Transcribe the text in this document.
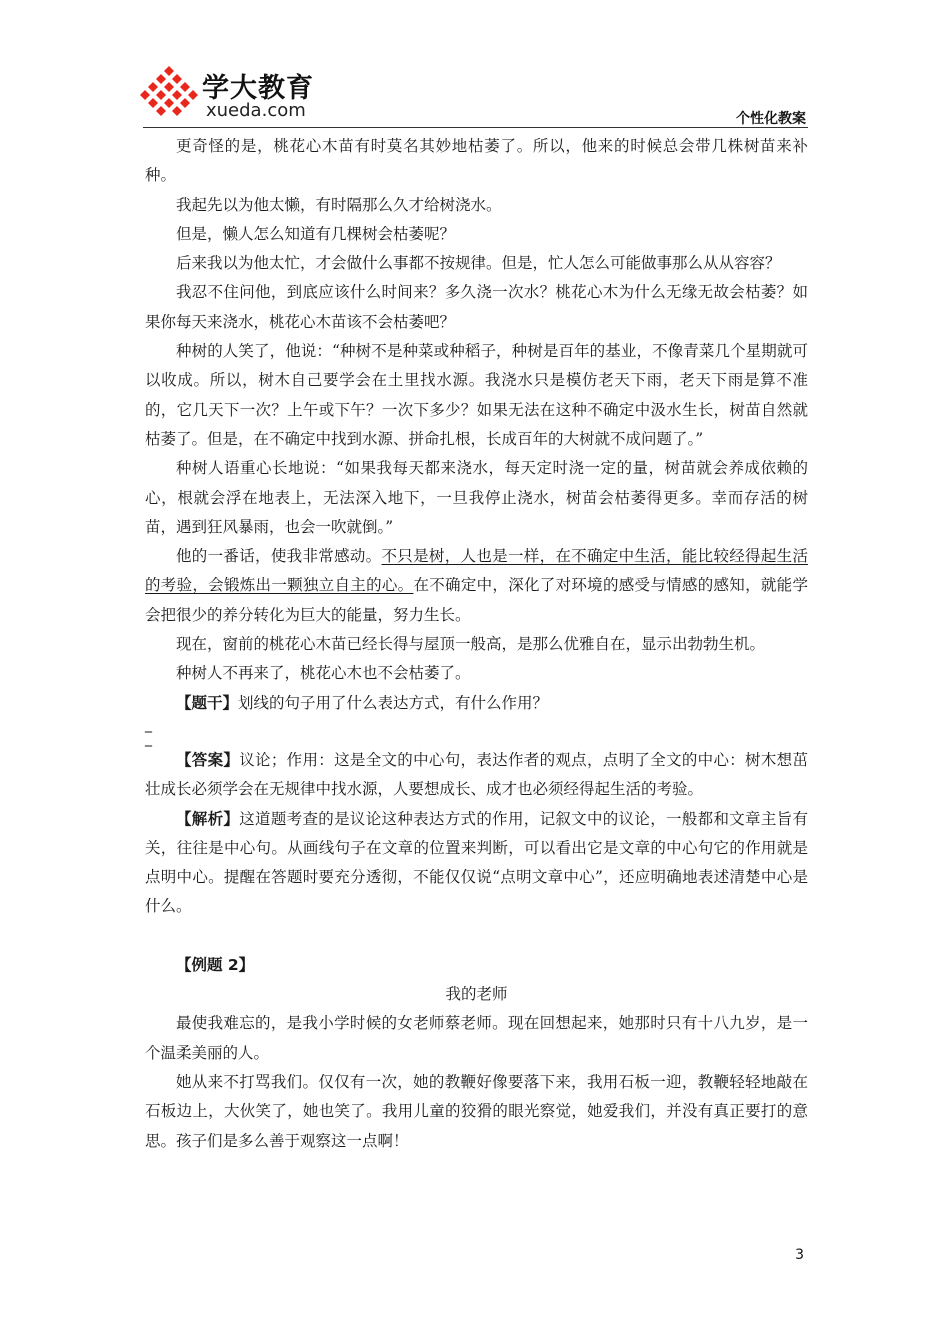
学大教育
xueda.com	个性化教案

更奇怪的是，桃花心木苗有时莫名其妙地枯萎了。所以，他来的时候总会带几株树苗来补种。

我起先以为他太懒，有时隔那么久才给树浇水。

但是，懒人怎么知道有几棵树会枯萎呢？

后来我以为他太忙，才会做什么事都不按规律。但是，忙人怎么可能做事那么从从容容？

我忍不住问他，到底应该什么时间来？多久浇一次水？桃花心木为什么无缘无故会枯萎？如果你每天来浇水，桃花心木苗该不会枯萎吧？

种树的人笑了，他说：“种树不是种菜或种稻子，种树是百年的基业，不像青菜几个星期就可以收成。所以，树木自己要学会在土里找水源。我浇水只是模仿老天下雨，老天下雨是算不准的，它几天下一次？上午或下午？一次下多少？如果无法在这种不确定中汲水生长，树苗自然就枯萎了。但是，在不确定中找到水源、拼命扎根，长成百年的大树就不成问题了。”

种树人语重心长地说：“如果我每天都来浇水，每天定时浇一定的量，树苗就会养成依赖的心，根就会浮在地表上，无法深入地下，一旦我停止浇水，树苗会枯萎得更多。幸而存活的树苗，遇到狂风暴雨，也会一吹就倒。”

他的一番话，使我非常感动。不只是树，人也是一样，在不确定中生活，能比较经得起生活的考验，会锻炼出一颗独立自主的心。在不确定中，深化了对环境的感受与情感的感知，就能学会把很少的养分转化为巨大的能量，努力生长。

现在，窗前的桃花心木苗已经长得与屋顶一般高，是那么优雅自在，显示出勃勃生机。

种树人不再来了，桃花心木也不会枯萎了。

【题干】划线的句子用了什么表达方式，有什么作用？

_

_

【答案】议论；作用：这是全文的中心句，表达作者的观点，点明了全文的中心：树木想茁壮成长必须学会在无规律中找水源，人要想成长、成才也必须经得起生活的考验。

【解析】这道题考查的是议论这种表达方式的作用，记叙文中的议论，一般都和文章主旨有关，往往是中心句。从画线句子在文章的位置来判断，可以看出它是文章的中心句它的作用就是点明中心。提醒在答题时要充分透彻，不能仅仅说“点明文章中心”，还应明确地表述清楚中心是什么。

【例题 2】

我的老师

最使我难忘的，是我小学时候的女老师蔡老师。现在回想起来，她那时只有十八九岁，是一个温柔美丽的人。

她从来不打骂我们。仅仅有一次，她的教鞭好像要落下来，我用石板一迎，教鞭轻轻地敲在石板边上，大伙笑了，她也笑了。我用儿童的狡猾的眼光察觉，她爱我们，并没有真正要打的意思。孩子们是多么善于观察这一点啊！

3
